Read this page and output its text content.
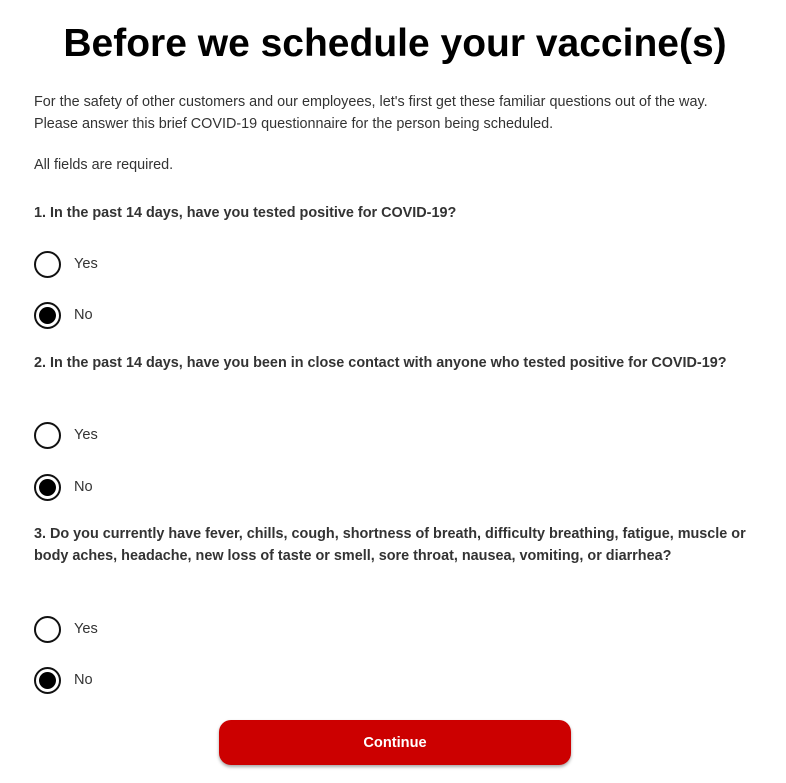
Before we schedule your vaccine(s)

For the safety of other customers and our employees, let's first get these familiar questions out of the way.
Please answer this brief COVID-19 questionnaire for the person being scheduled.

All fields are required.

1. In the past 14 days, have you tested positive for COVID-19?

Yes
No

2. In the past 14 days, have you been in close contact with anyone who tested positive for COVID-19?

Yes
No

3. Do you currently have fever, chills, cough, shortness of breath, difficulty breathing, fatigue, muscle or body aches, headache, new loss of taste or smell, sore throat, nausea, vomiting, or diarrhea?

Yes
No
Continue
